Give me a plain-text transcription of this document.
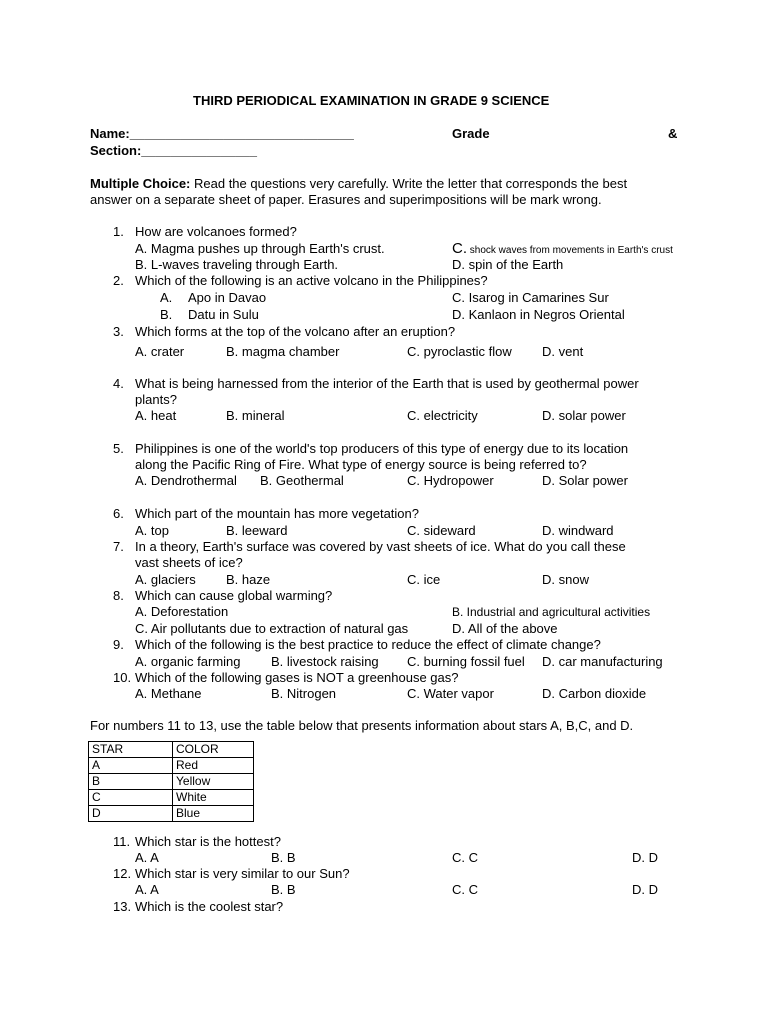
THIRD PERIODICAL EXAMINATION IN GRADE 9 SCIENCE
Name:_______________________________	Grade	&
Section:________________
Multiple Choice: Read the questions very carefully. Write the letter that corresponds the best
answer on a separate sheet of paper. Erasures and superimpositions will be mark wrong.
1. How are volcanoes formed?
A. Magma pushes up through Earth's crust.	C. shock waves from movements in Earth's crust
B. L-waves traveling through Earth.	D. spin of the Earth
2. Which of the following is an active volcano in the Philippines?
A. Apo in Davao	C. Isarog in Camarines Sur
B. Datu in Sulu	D. Kanlaon in Negros Oriental
3. Which forms at the top of the volcano after an eruption?
A. crater	B. magma chamber	C. pyroclastic flow D. vent
4. What is being harnessed from the interior of the Earth that is used by geothermal power
plants?
A. heat	B. mineral	C. electricity	D. solar power
5. Philippines is one of the world's top producers of this type of energy due to its location
along the Pacific Ring of Fire. What type of energy source is being referred to?
A. Dendrothermal B. Geothermal	C. Hydropower	D. Solar power
6. Which part of the mountain has more vegetation?
A. top	B. leeward	C. sideward	D. windward
7. In a theory, Earth's surface was covered by vast sheets of ice. What do you call these
vast sheets of ice?
A. glaciers B. haze	C. ice	D. snow
8. Which can cause global warming?
A. Deforestation	B. Industrial and agricultural activities
C. Air pollutants due to extraction of natural gas	D. All of the above
9. Which of the following is the best practice to reduce the effect of climate change?
A. organic farming B. livestock raising C. burning fossil fuel D. car manufacturing
10. Which of the following gases is NOT a greenhouse gas?
A. Methane	B. Nitrogen	C. Water vapor	D. Carbon dioxide
For numbers 11 to 13, use the table below that presents information about stars A, B,C, and D.
STAR	COLOR
A	Red
B	Yellow
C	White
D	Blue
11. Which star is the hottest?
A. A	B. B	C. C	D. D
12. Which star is very similar to our Sun?
A. A	B. B	C. C	D. D
13. Which is the coolest star?
